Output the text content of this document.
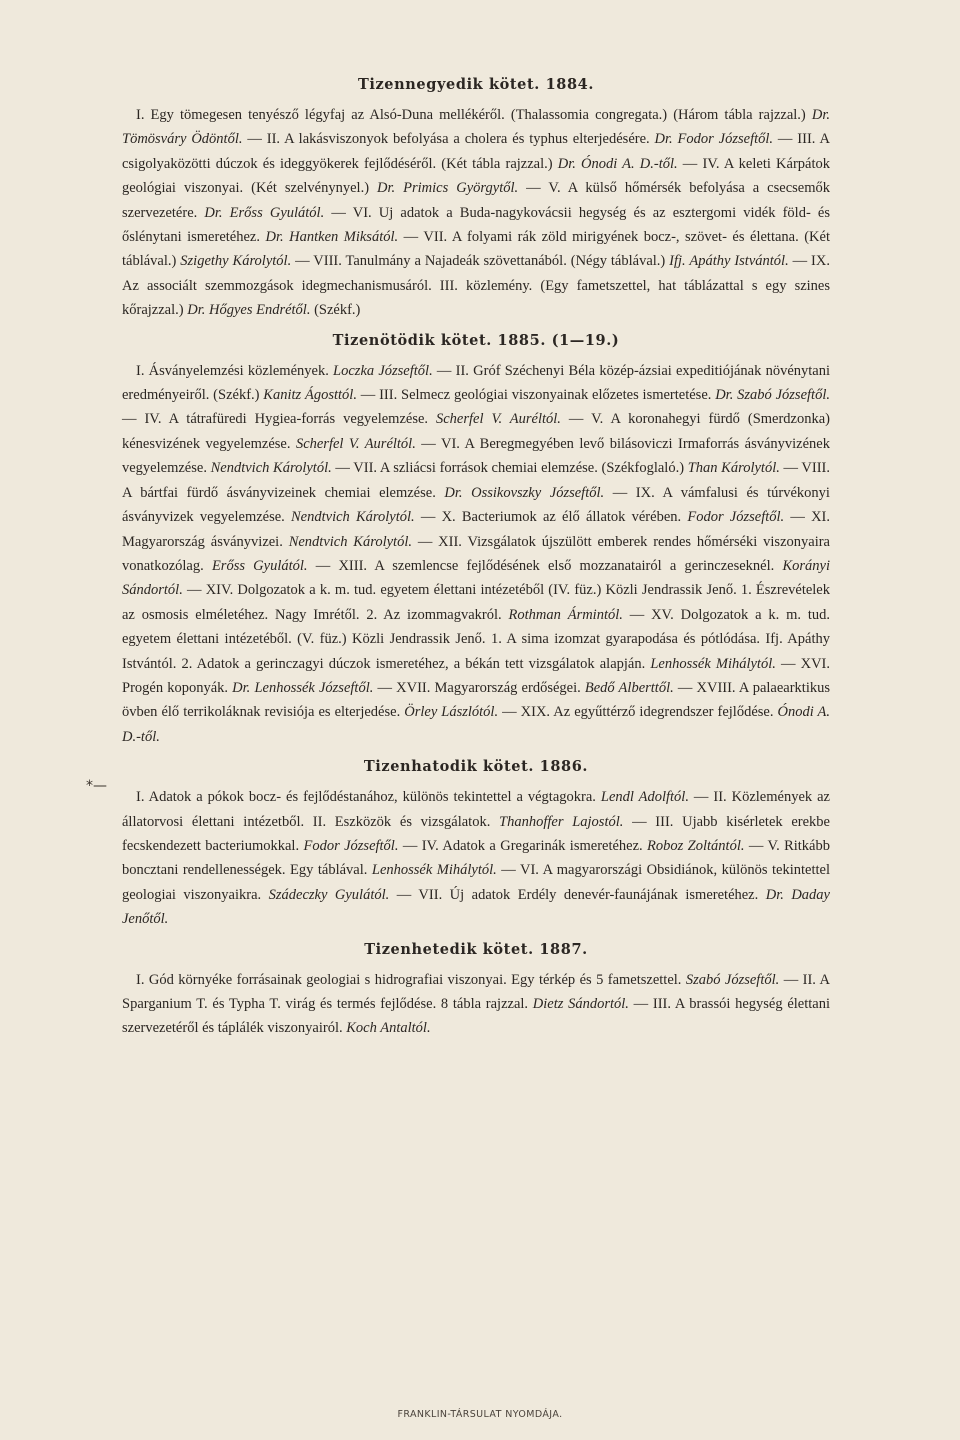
Tizennegyedik kötet. 1884.

I. Egy tömegesen tenyésző légyfaj az Alsó-Duna mellékéről. (Thalassomia congregata.) (Három tábla rajzzal.) Dr. Tömösváry Ödöntől. — II. A lakásviszonyok befolyása a cholera és typhus elterjedésére. Dr. Fodor Józseftől. — III. A csigolyaközötti dúczok és ideggyökerek fejlődéséről. (Két tábla rajzzal.) Dr. Ónodi A. D.-től. — IV. A keleti Kárpátok geológiai viszonyai. (Két szelvénynyel.) Dr. Primics Györgytől. — V. A külső hőmérsék befolyása a csecsemők szervezetére. Dr. Erőss Gyulától. — VI. Uj adatok a Buda-nagykovácsii hegység és az esztergomi vidék föld- és őslénytani ismeretéhez. Dr. Hantken Miksától. — VII. A folyami rák zöld mirigyének bocz-, szövet- és élettana. (Két táblával.) Szigethy Károlytól. — VIII. Tanulmány a Najadeák szövettanából. (Négy táblával.) Ifj. Apáthy Istvántól. — IX. Az associált szemmozgások idegmechanismusáról. III. közlemény. (Egy fametszettel, hat táblázattal s egy szines kőrajzzal.) Dr. Hőgyes Endrétől. (Székf.)

Tizenötödik kötet. 1885. (1—19.)

I. Ásványelemzési közlemények. Loczka Józseftől. — II. Gróf Széchenyi Béla közép-ázsiai expeditiójának növénytani eredményeiről. (Székf.) Kanitz Ágosttól. — III. Selmecz geológiai viszonyainak előzetes ismertetése. Dr. Szabó Józseftől. — IV. A tátrafüredi Hygiea-forrás vegyelemzése. Scherfel V. Auréltól. — V. A koronahegyi fürdő (Smerdzonka) kénesvizének vegyelemzése. Scherfel V. Auréltól. — VI. A Beregmegyében levő bilásoviczi Irmaforrás ásványvizének vegyelemzése. Nendtvich Károlytól. — VII. A szliácsi források chemiai elemzése. (Székfoglaló.) Than Károlytól. — VIII. A bártfai fürdő ásványvizeinek chemiai elemzése. Dr. Ossikovszky Józseftől. — IX. A vámfalusi és túrvékonyi ásványvizek vegyelemzése. Nendtvich Károlytól. — X. Bacteriumok az élő állatok vérében. Fodor Józseftől. — XI. Magyarország ásványvizei. Nendtvich Károlytól. — XII. Vizsgálatok újszülött emberek rendes hőmérséki viszonyaira vonatkozólag. Erőss Gyulától. — XIII. A szemlencse fejlődésének első mozzanatairól a gerinczeseknél. Korányi Sándortól. — XIV. Dolgozatok a k. m. tud. egyetem élettani intézetéből (IV. füz.) Közli Jendrassik Jenő. 1. Észrevételek az osmosis elméletéhez. Nagy Imrétől. 2. Az izommagvakról. Rothman Ármintól. — XV. Dolgozatok a k. m. tud. egyetem élettani intézetéből. (V. füz.) Közli Jendrassik Jenő. 1. A sima izomzat gyarapodása és pótlódása. Ifj. Apáthy Istvántól. 2. Adatok a gerinczagyi dúczok ismeretéhez, a békán tett vizsgálatok alapján. Lenhossék Mihálytól. — XVI. Progén koponyák. Dr. Lenhossék Józseftől. — XVII. Magyarország erdőségei. Bedő Alberttől. — XVIII. A palaearktikus övben élő terrikoláknak revisiója es elterjedése. Örley Lászlótól. — XIX. Az egyűttérző idegrendszer fejlődése. Ónodi A. D.-től.

Tizenhatodik kötet. 1886.

I. Adatok a pókok bocz- és fejlődéstanához, különös tekintettel a végtagokra. Lendl Adolftól. — II. Közlemények az állatorvosi élettani intézetből. II. Eszközök és vizsgálatok. Thanhoffer Lajostól. — III. Ujabb kisérletek erekbe fecskendezett bacteriumokkal. Fodor Józseftől. — IV. Adatok a Gregarinák ismeretéhez. Roboz Zoltántól. — V. Ritkább boncztani rendellenességek. Egy táblával. Lenhossék Mihálytól. — VI. A magyarországi Obsidiánok, különös tekintettel geologiai viszonyaikra. Szádeczky Gyulától. — VII. Új adatok Erdély denevér-faunájának ismeretéhez. Dr. Daday Jenőtől.

Tizenhetedik kötet. 1887.

I. Gód környéke forrásainak geologiai s hidrografiai viszonyai. Egy térkép és 5 fametszettel. Szabó Józseftől. — II. A Sparganium T. és Typha T. virág és termés fejlődése. 8 tábla rajzzal. Dietz Sándortól. — III. A brassói hegység élettani szervezetéről és táplálék viszonyairól. Koch Antaltól.

*—
FRANKLIN-TÁRSULAT NYOMDÁJA.
